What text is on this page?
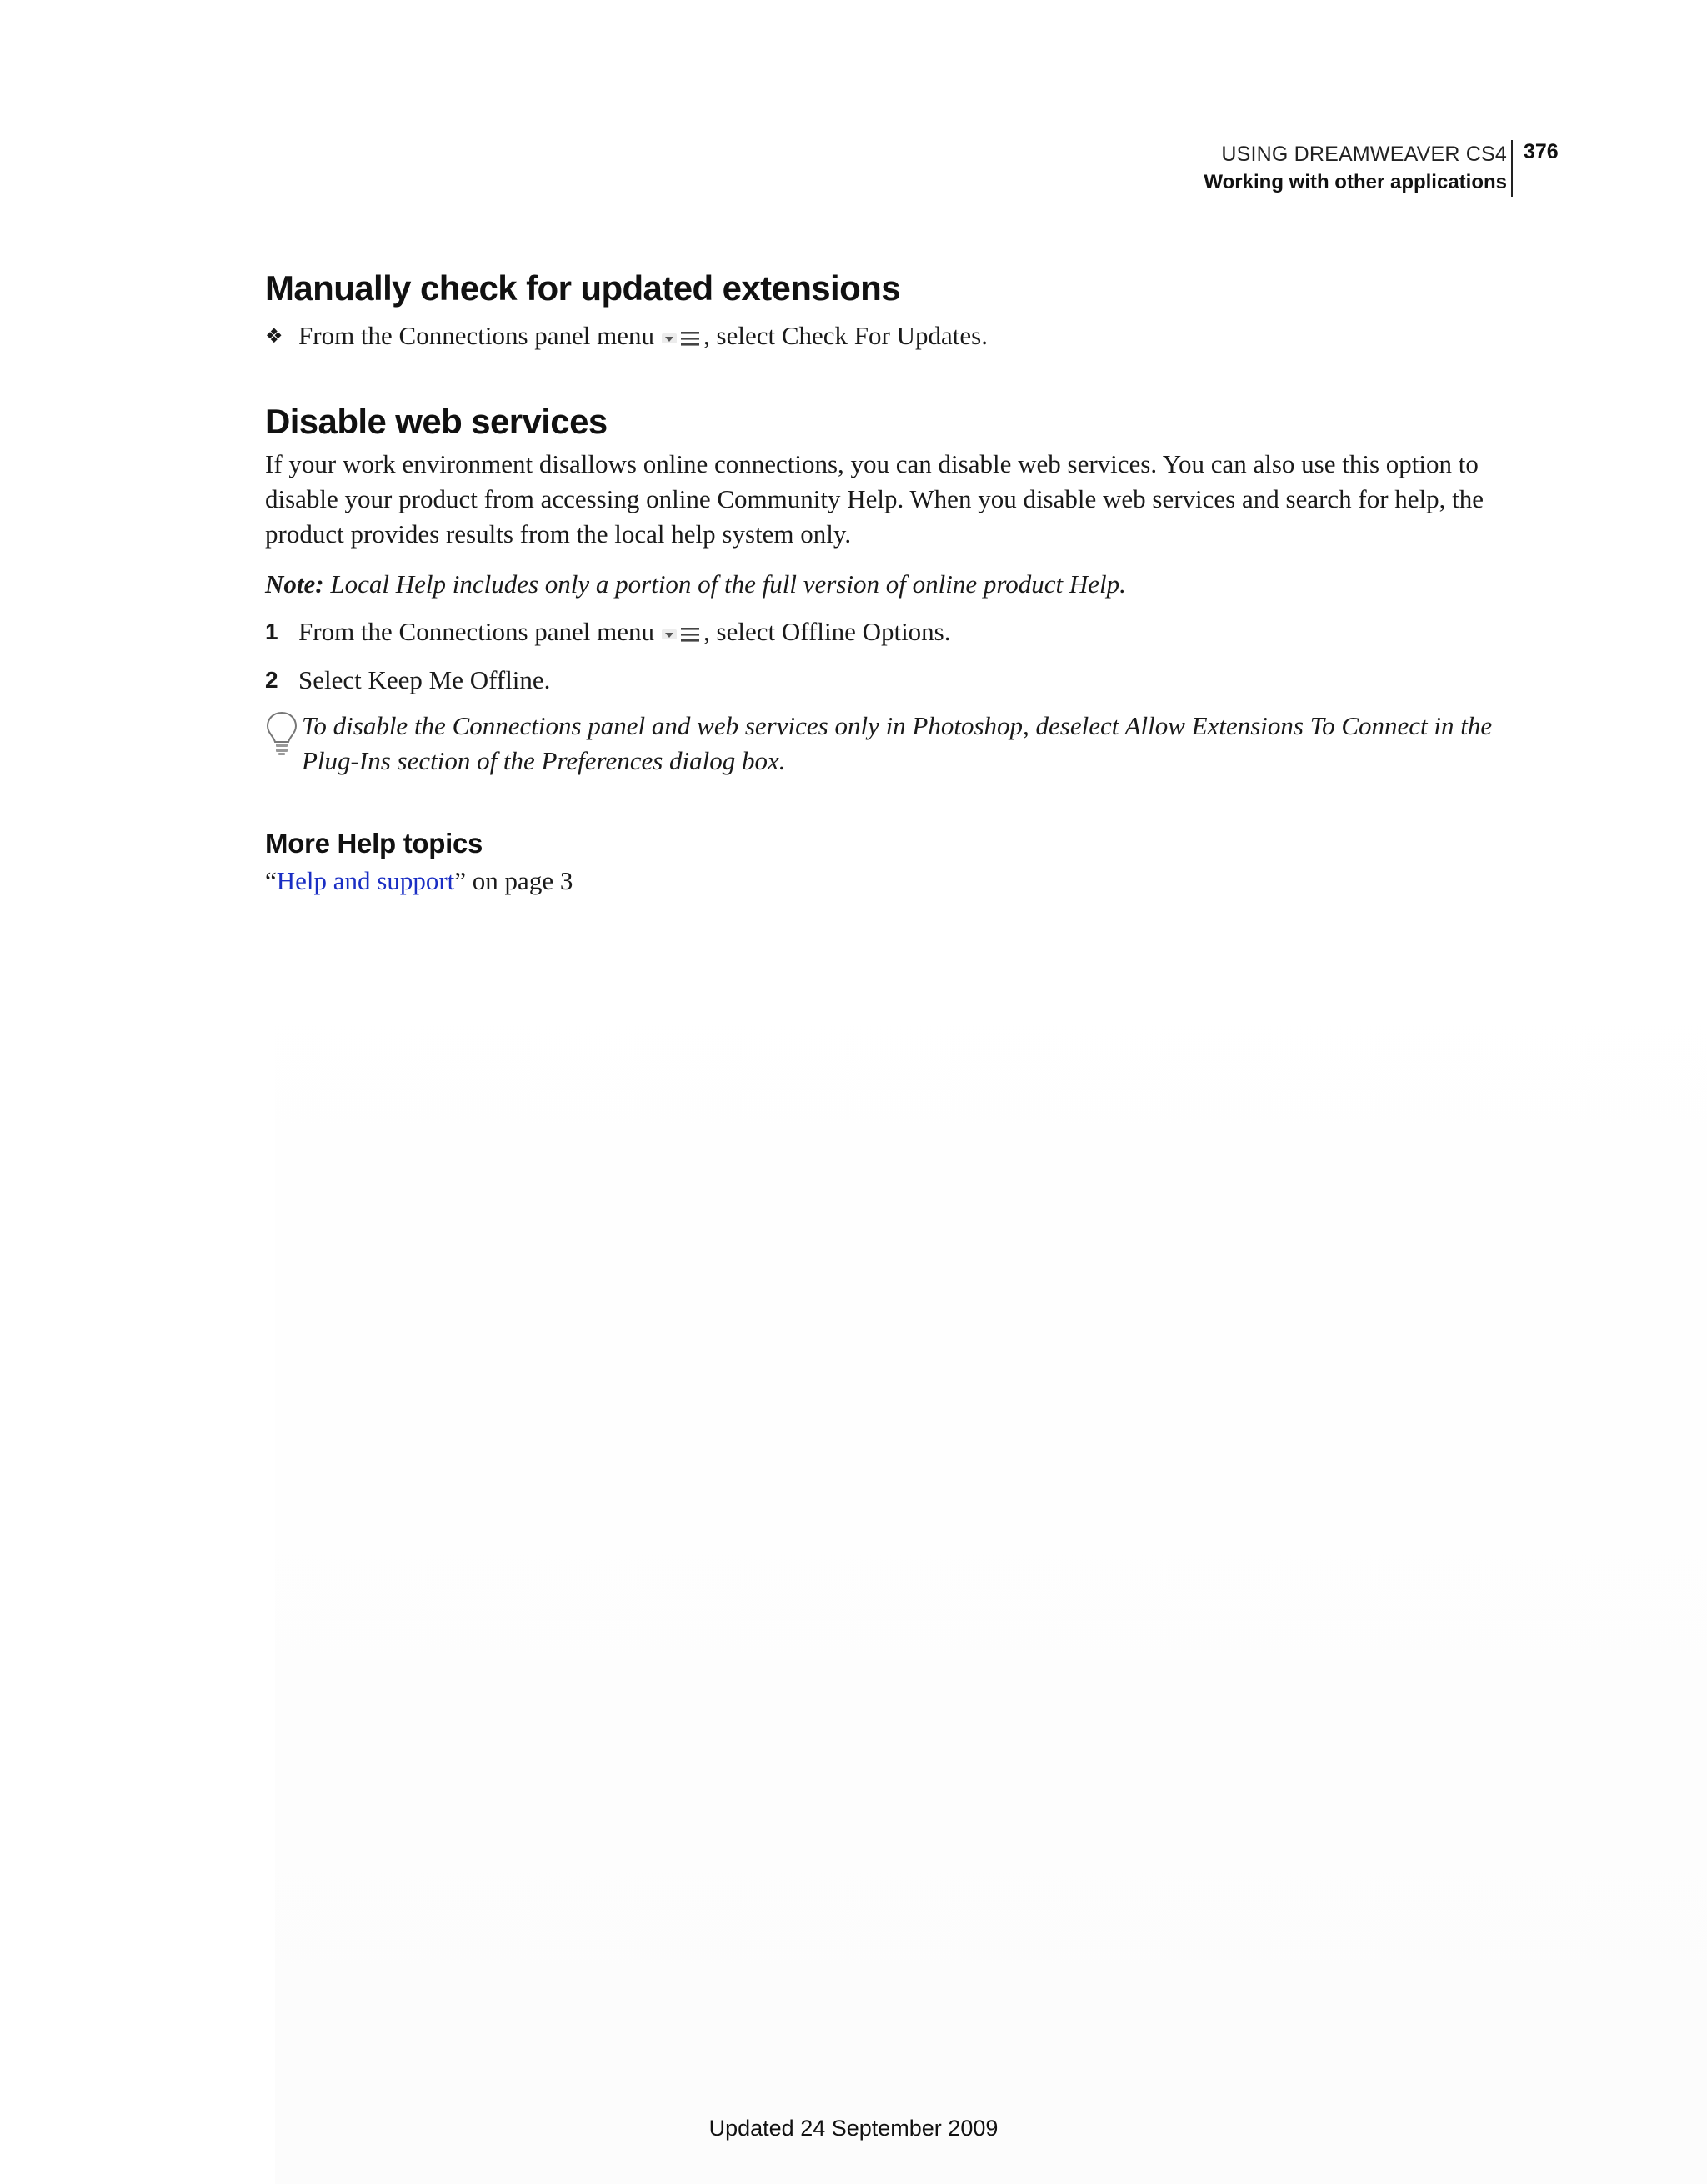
USING DREAMWEAVER CS4
Working with other applications
376
Manually check for updated extensions
❖ From the Connections panel menu , select Check For Updates.

Disable web services

If your work environment disallows online connections, you can disable web services. You can also use this option to disable your product from accessing online Community Help. When you disable web services and search for help, the product provides results from the local help system only.

Note: Local Help includes only a portion of the full version of online product Help.

1 From the Connections panel menu , select Offline Options.

2 Select Keep Me Offline.

To disable the Connections panel and web services only in Photoshop, deselect Allow Extensions To Connect in the Plug-Ins section of the Preferences dialog box.

More Help topics

“Help and support” on page 3

Updated 24 September 2009
